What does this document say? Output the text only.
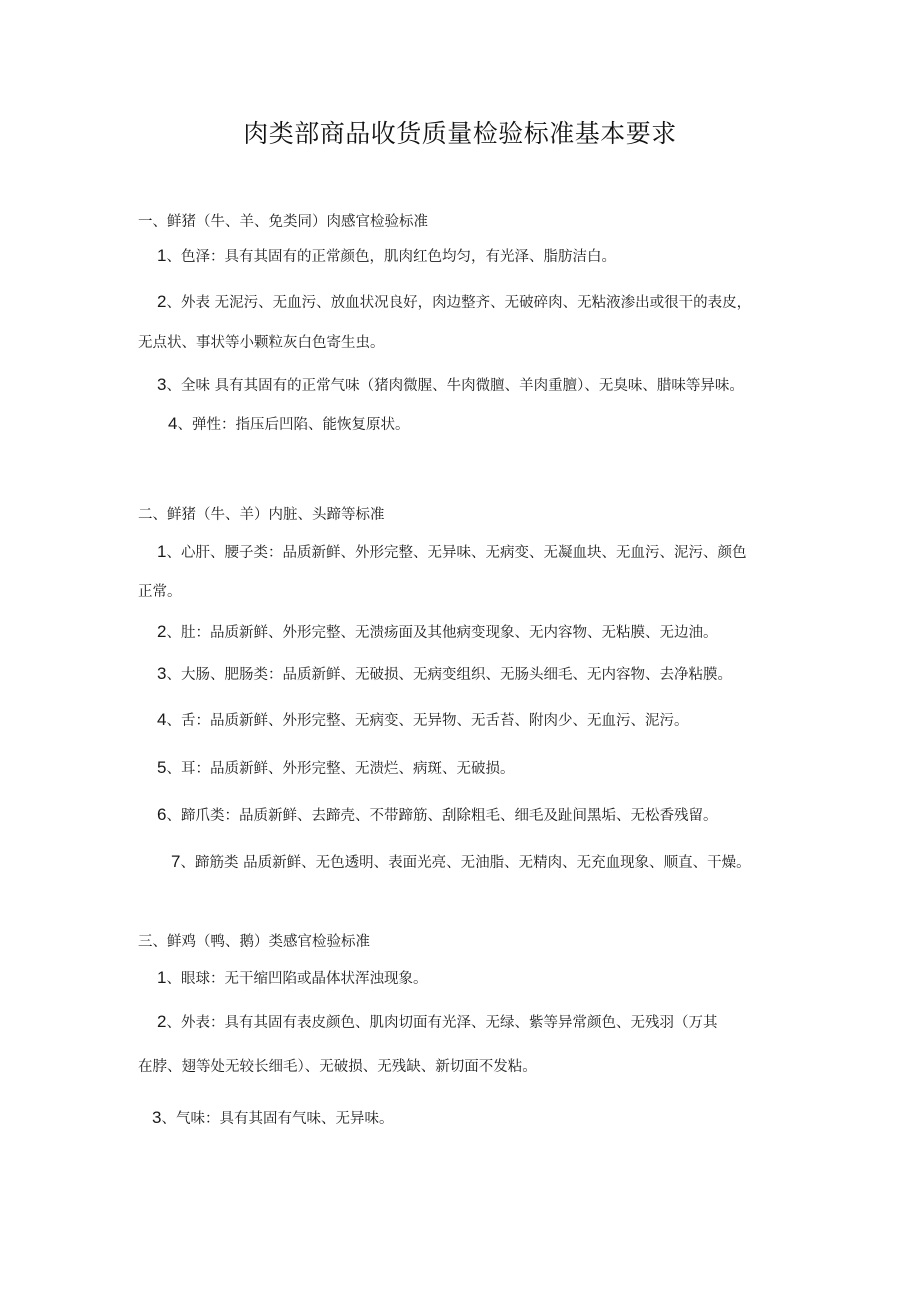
肉类部商品收货质量检验标准基本要求
一、鲜猪（牛、羊、免类同）肉感官检验标准
1、色泽：具有其固有的正常颜色，肌肉红色均匀，有光泽、脂肪洁白。
2、外表 无泥污、无血污、放血状况良好，肉边整齐、无破碎肉、无粘液渗出或很干的表皮，
无点状、事状等小颗粒灰白色寄生虫。
3、全味 具有其固有的正常气味（猪肉微腥、牛肉微膻、羊肉重膻）、无臭味、腊味等异味。
4、弹性：指压后凹陷、能恢复原状。
二、鲜猪（牛、羊）内脏、头蹄等标准
1、心肝、腰子类：品质新鲜、外形完整、无异味、无病变、无凝血块、无血污、泥污、颜色
正常。
2、肚：品质新鲜、外形完整、无溃疡面及其他病变现象、无内容物、无粘膜、无边油。
3、大肠、肥肠类：品质新鲜、无破损、无病变组织、无肠头细毛、无内容物、去净粘膜。
4、舌：品质新鲜、外形完整、无病变、无异物、无舌苔、附肉少、无血污、泥污。
5、耳：品质新鲜、外形完整、无溃烂、病斑、无破损。
6、蹄爪类：品质新鲜、去蹄壳、不带蹄筋、刮除粗毛、细毛及趾间黑垢、无松香残留。
7、蹄筋类 品质新鲜、无色透明、表面光亮、无油脂、无精肉、无充血现象、顺直、干燥。
三、鲜鸡（鸭、鹅）类感官检验标准
1、眼球：无干缩凹陷或晶体状浑浊现象。
2、外表：具有其固有表皮颜色、肌肉切面有光泽、无绿、紫等异常颜色、无残羽（万其
在脖、翅等处无较长细毛）、无破损、无残缺、新切面不发粘。
3、气味：具有其固有气味、无异味。
